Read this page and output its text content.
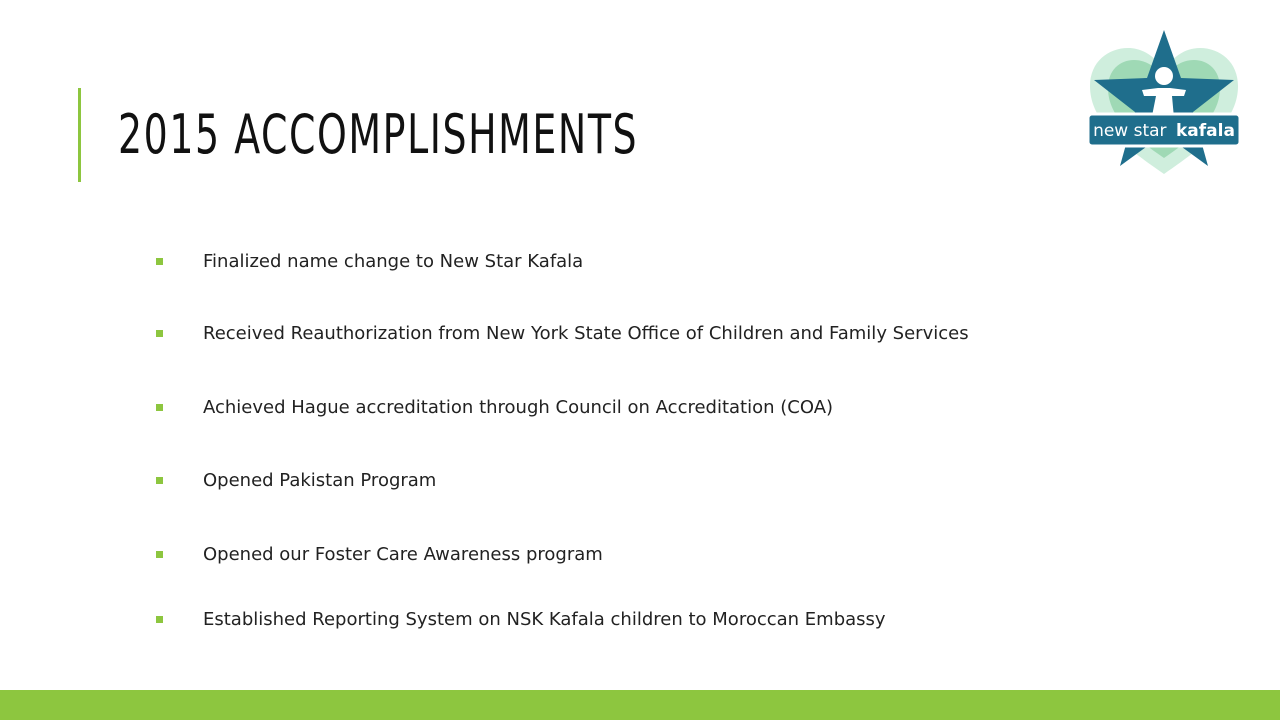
2015 ACCOMPLISHMENTS	new star kafala
Finalized name change to New Star Kafala
Received Reauthorization from New York State Office of Children and Family Services
Achieved Hague accreditation through Council on Accreditation (COA)
Opened Pakistan Program
Opened our Foster Care Awareness program
Established Reporting System on NSK Kafala children to Moroccan Embassy
